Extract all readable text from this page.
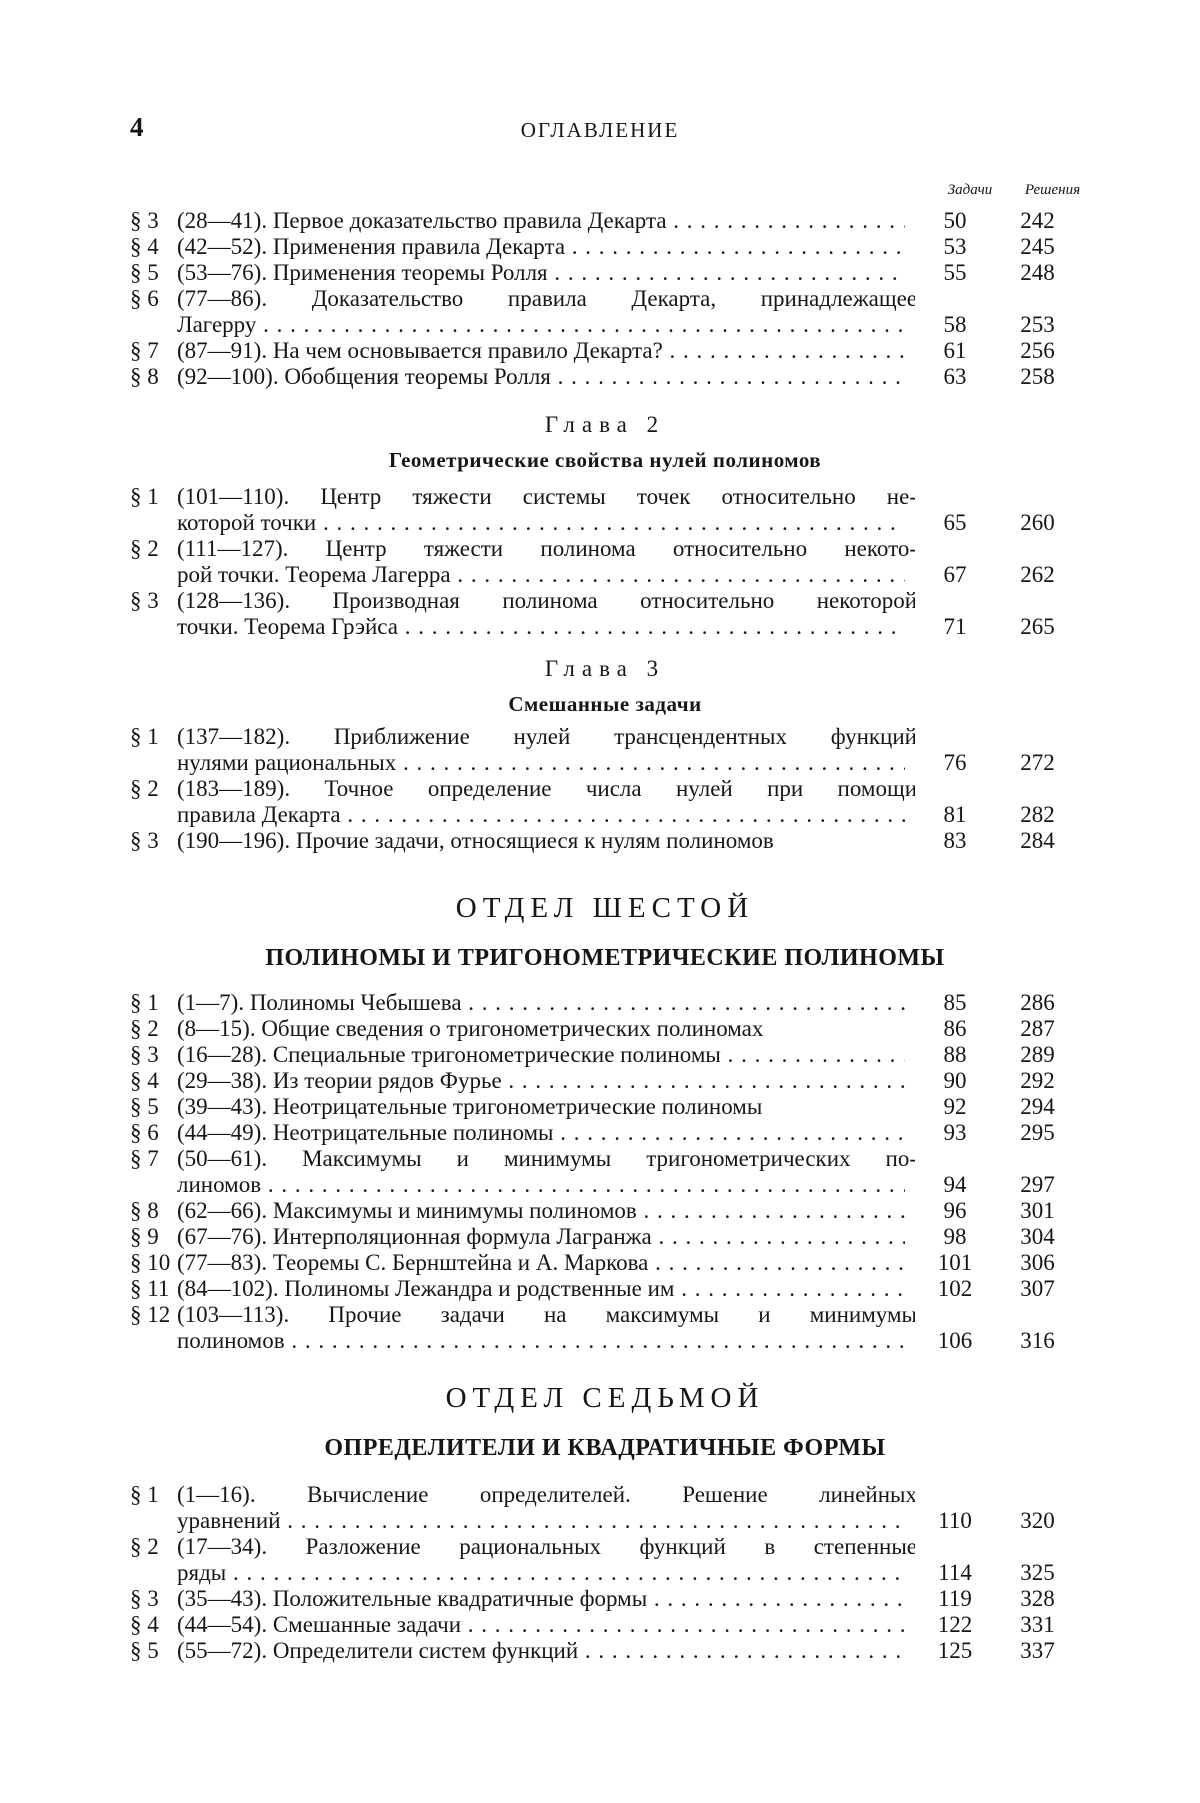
4	ОГЛАВЛЕНИЕ
Задачи	Решения
§ 3 (28—41). Первое доказательство правила Декарта . . .	50	242
§ 4 (42—52). Применения правила Декарта . . .	53	245
§ 5 (53—76). Применения теоремы Ролля . . .	55	248
§ 6 (77—86). Доказательство правила Декарта, принадлежащее
Лагерру . . .	58	253
§ 7 (87—91). На чем основывается правило Декарта? . . .	61	256
§ 8 (92—100). Обобщения теоремы Ролля . . .	63	258
Глава 2
Геометрические свойства нулей полиномов
§ 1 (101—110). Центр тяжести системы точек относительно не-
которой точки . . .	65	260
§ 2 (111—127). Центр тяжести полинома относительно некото-
рой точки. Теорема Лагерра . . .	67	262
§ 3 (128—136). Производная полинома относительно некоторой
точки. Теорема Грэйса . . .	71	265
Глава 3
Смешанные задачи
§ 1 (137—182). Приближение нулей трансцендентных функций
нулями рациональных . . .	76	272
§ 2 (183—189). Точное определение числа нулей при помощи
правила Декарта . . .	81	282
§ 3 (190—196). Прочие задачи, относящиеся к нулям полиномов	83	284
ОТДЕЛ ШЕСТОЙ
ПОЛИНОМЫ И ТРИГОНОМЕТРИЧЕСКИЕ ПОЛИНОМЫ
§ 1 (1—7). Полиномы Чебышева . . .	85	286
§ 2 (8—15). Общие сведения о тригонометрических полиномах	86	287
§ 3 (16—28). Специальные тригонометрические полиномы . . .	88	289
§ 4 (29—38). Из теории рядов Фурье . . .	90	292
§ 5 (39—43). Неотрицательные тригонометрические полиномы	92	294
§ 6 (44—49). Неотрицательные полиномы . . .	93	295
§ 7 (50—61). Максимумы и минимумы тригонометрических по-
линомов . . .	94	297
§ 8 (62—66). Максимумы и минимумы полиномов . . .	96	301
§ 9 (67—76). Интерполяционная формула Лагранжа . . .	98	304
§ 10 (77—83). Теоремы С. Бернштейна и А. Маркова . . .	101	306
§ 11 (84—102). Полиномы Лежандра и родственные им . . .	102	307
§ 12 (103—113). Прочие задачи на максимумы и минимумы
полиномов . . .	106	316
ОТДЕЛ СЕДЬМОЙ
ОПРЕДЕЛИТЕЛИ И КВАДРАТИЧНЫЕ ФОРМЫ
§ 1 (1—16). Вычисление определителей. Решение линейных
уравнений . . .	110	320
§ 2 (17—34). Разложение рациональных функций в степенные
ряды . . .	114	325
§ 3 (35—43). Положительные квадратичные формы . . .	119	328
§ 4 (44—54). Смешанные задачи . . .	122	331
§ 5 (55—72). Определители систем функций . . .	125	337
